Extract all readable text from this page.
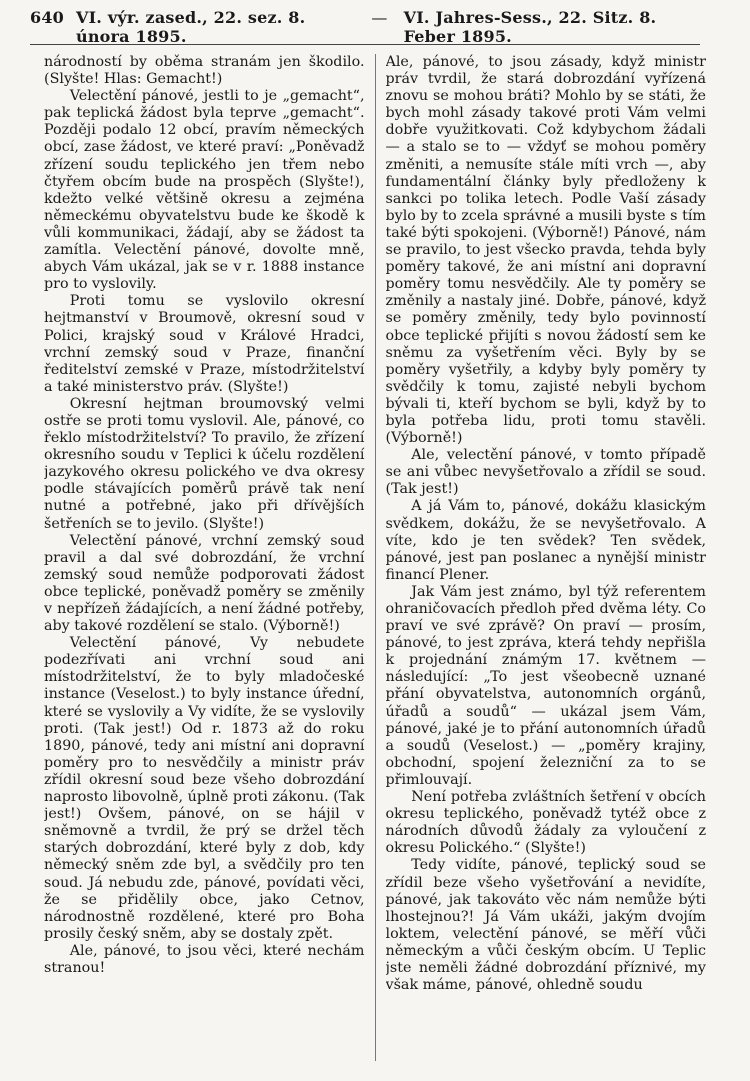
640 VI. výr. zased., 22. sez. 8. února 1895.
— VI. Jahres-Sess., 22. Sitz. 8. Feber 1895.

národností by oběma stranám jen škodilo. (Slyšte! Hlas: Gemacht!)

Velectění pánové, jestli to je „gemacht“, pak teplická žádost byla teprve „gemacht“. Později podalo 12 obcí, pravím německých obcí, zase žádost, ve které praví: „Poněvadž zřízení soudu teplického jen třem nebo čtyřem obcím bude na prospěch (Slyšte!), kdežto velké většině okresu a zejména německému obyvatelstvu bude ke škodě k vůli kommunikaci, žádají, aby se žádost ta zamítla. Velectění pánové, dovolte mně, abych Vám ukázal, jak se v r. 1888 instance pro to vyslovily.

Proti tomu se vyslovilo okresní hejtmanství v Broumově, okresní soud v Polici, krajský soud v Králové Hradci, vrchní zemský soud v Praze, finanční ředitelství zemské v Praze, místodržitelství a také ministerstvo práv. (Slyšte!)

Okresní hejtman broumovský velmi ostře se proti tomu vyslovil. Ale, pánové, co řeklo místodržitelství? To pravilo, že zřízení okresního soudu v Teplici k účelu rozdělení jazykového okresu polického ve dva okresy podle stávajících poměrů právě tak není nutné a potřebné, jako při dřívějších šetřeních se to jevilo. (Slyšte!)

Velectění pánové, vrchní zemský soud pravil a dal své dobrozdání, že vrchní zemský soud nemůže podporovati žádost obce teplické, poněvadž poměry se změnily v nepřízeň žádajících, a není žádné potřeby, aby takové rozdělení se stalo. (Výborně!)

Velectění pánové, Vy nebudete podezřívati ani vrchní soud ani místodržitelství, že to byly mladočeské instance (Veselost.) to byly instance úřední, které se vyslovily a Vy vidíte, že se vyslovily proti. (Tak jest!) Od r. 1873 až do roku 1890, pánové, tedy ani místní ani dopravní poměry pro to nesvědčily a ministr práv zřídil okresní soud beze všeho dobrozdání naprosto libovolně, úplně proti zákonu. (Tak jest!) Ovšem, pánové, on se hájil v sněmovně a tvrdil, že prý se držel těch starých dobrozdání, které byly z dob, kdy německý sněm zde byl, a svědčily pro ten soud. Já nebudu zde, pánové, povídati věci, že se přidělily obce, jako Cetnov, národnostně rozdělené, které pro Boha prosily český sněm, aby se dostaly zpět.

Ale, pánové, to jsou věci, které nechám stranou!

Ale, pánové, to jsou zásady, když ministr práv tvrdil, že stará dobrozdání vyřízená znovu se mohou bráti? Mohlo by se státi, že bych mohl zásady takové proti Vám velmi dobře využitkovati. Což kdybychom žádali — a stalo se to — vždyť se mohou poměry změniti, a nemusíte stále míti vrch —, aby fundamentální články byly předloženy k sankci po tolika letech. Podle Vaší zásady bylo by to zcela správné a musili byste s tím také býti spokojeni. (Výborně!) Pánové, nám se pravilo, to jest všecko pravda, tehda byly poměry takové, že ani místní ani dopravní poměry tomu nesvědčily. Ale ty poměry se změnily a nastaly jiné. Dobře, pánové, když se poměry změnily, tedy bylo povinností obce teplické přijíti s novou žádostí sem ke sněmu za vyšetřením věci. Byly by se poměry vyšetřily, a kdyby byly poměry ty svědčily k tomu, zajisté nebyli bychom bývali ti, kteří bychom se byli, když by to byla potřeba lidu, proti tomu stavěli. (Výborně!)

Ale, velectění pánové, v tomto případě se ani vůbec nevyšetřovalo a zřídil se soud. (Tak jest!)

A já Vám to, pánové, dokážu klasickým svědkem, dokážu, že se nevyšetřovalo. A víte, kdo je ten svědek? Ten svědek, pánové, jest pan poslanec a nynější ministr financí Plener.

Jak Vám jest známo, byl týž referentem ohraničovacích předloh před dvěma léty. Co praví ve své zprávě? On praví — prosím, pánové, to jest zpráva, která tehdy nepřišla k projednání známým 17. květnem — následující: „To jest všeobecně uznané přání obyvatelstva, autonomních orgánů, úřadů a soudů“ — ukázal jsem Vám, pánové, jaké je to přání autonomních úřadů a soudů (Veselost.) — „poměry krajiny, obchodní, spojení železniční za to se přimlouvají.

Není potřeba zvláštních šetření v obcích okresu teplického, poněvadž tytéž obce z národních důvodů žádaly za vyloučení z okresu Polického.“ (Slyšte!)

Tedy vidíte, pánové, teplický soud se zřídil beze všeho vyšetřování a nevidíte, pánové, jak takováto věc nám nemůže býti lhostejnou?! Já Vám ukáži, jakým dvojím loktem, velectění pánové, se měří vůči německým a vůči českým obcím. U Teplic jste neměli žádné dobrozdání příznivé, my však máme, pánové, ohledně soudu
